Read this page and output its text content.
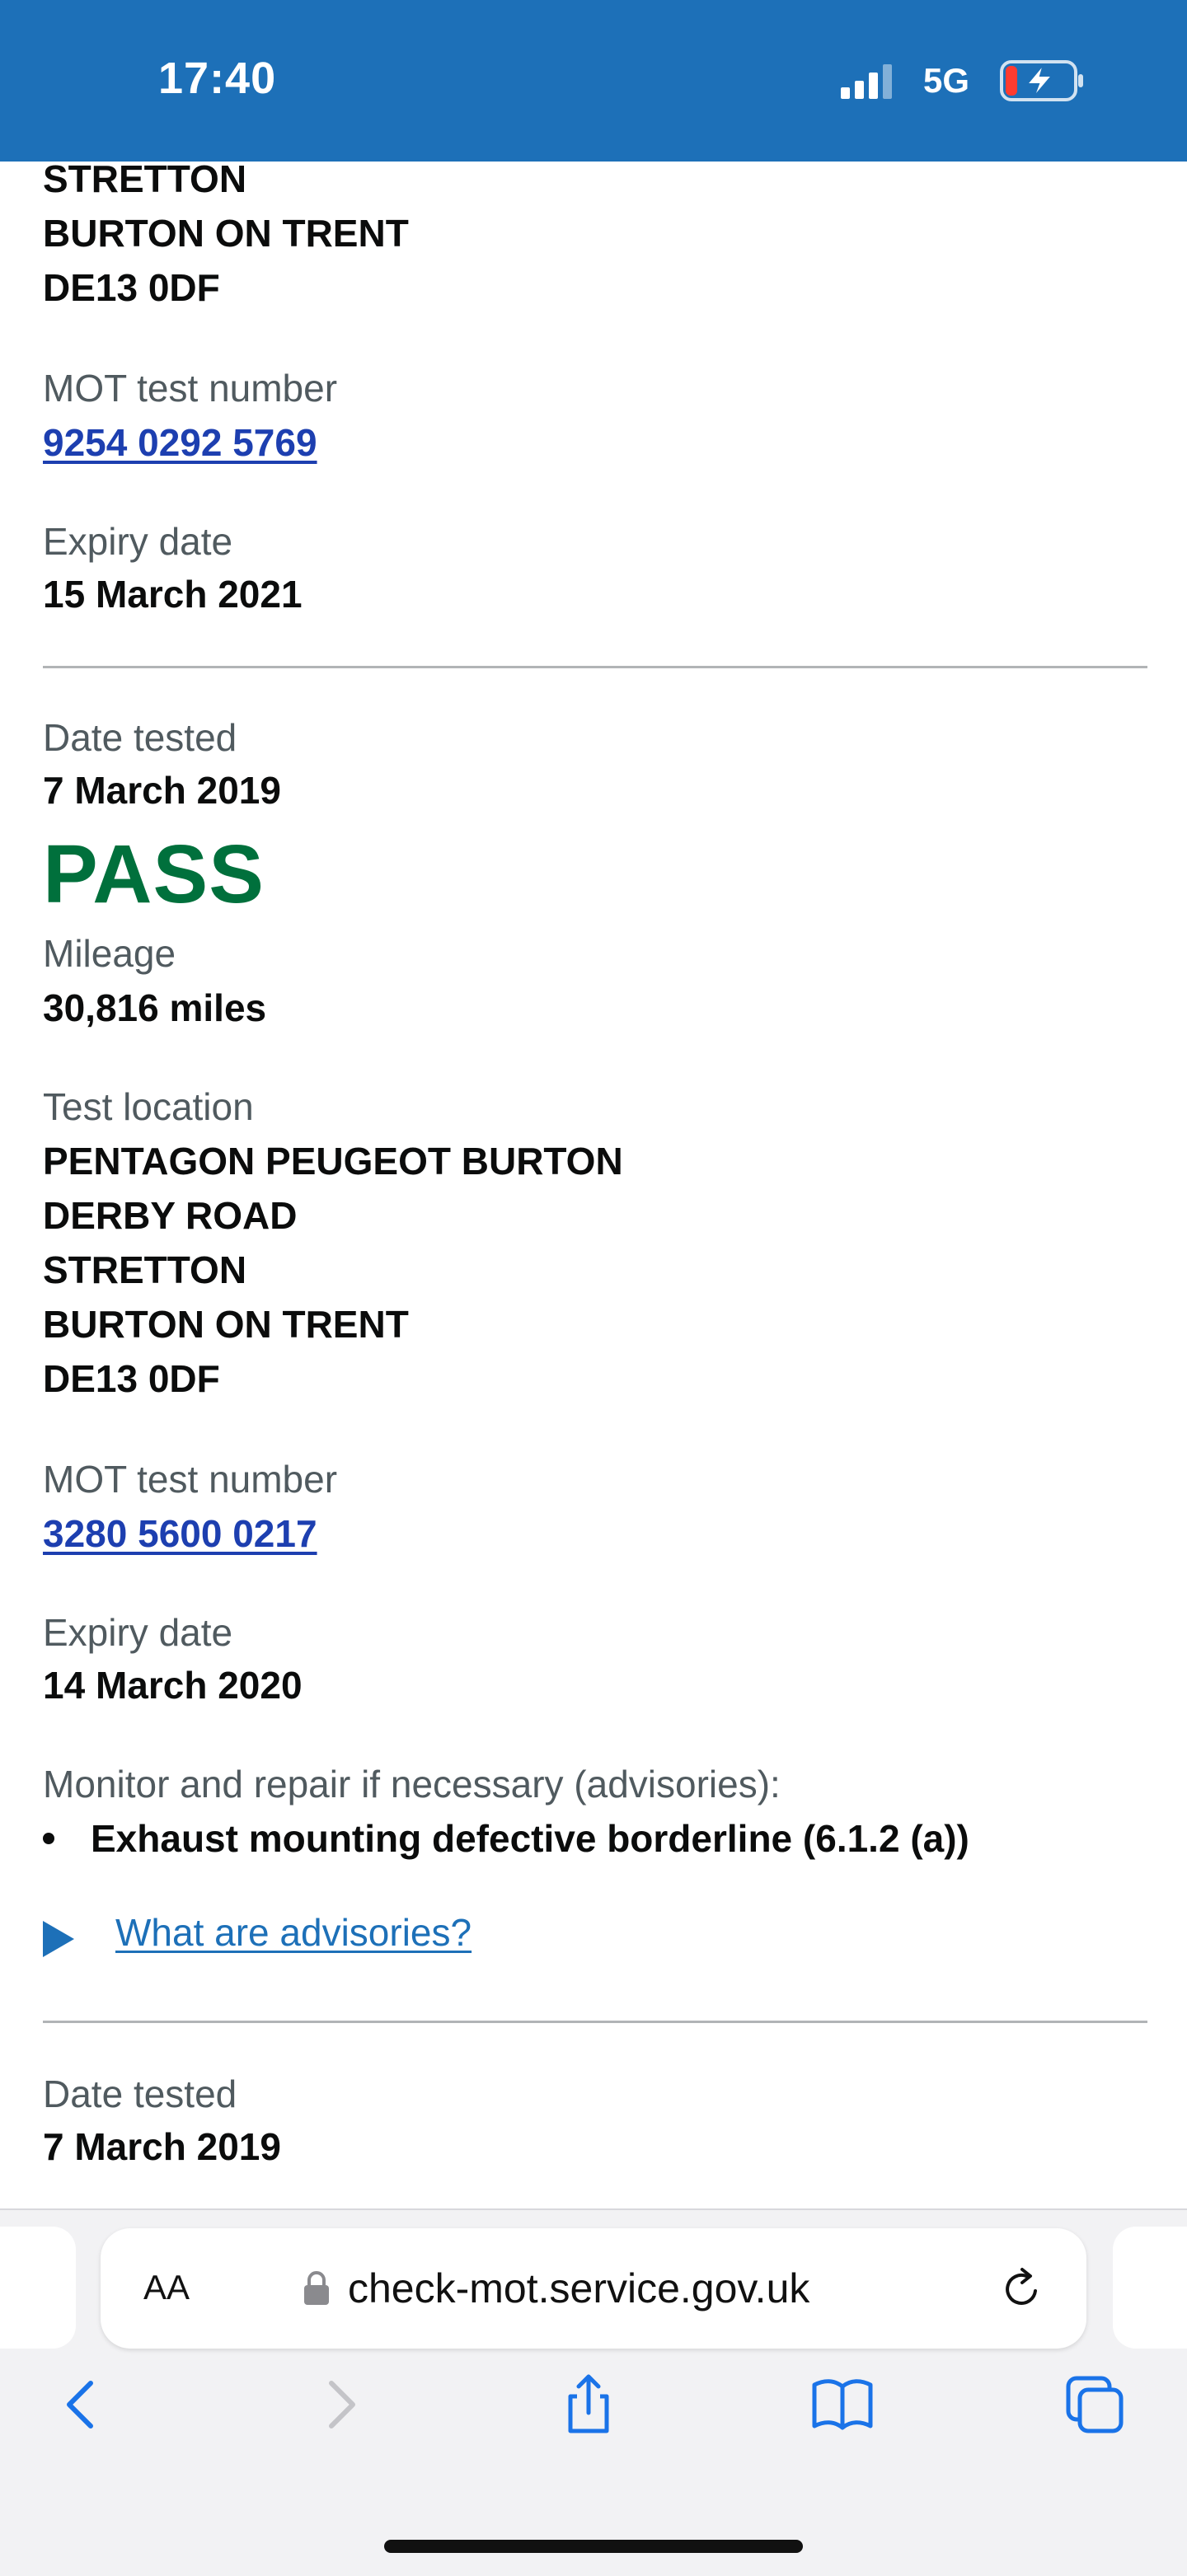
17:40	5G
STRETTON
BURTON ON TRENT
DE13 0DF
MOT test number
9254 0292 5769
Expiry date
15 March 2021
Date tested
7 March 2019
PASS
Mileage
30,816 miles
Test location
PENTAGON PEUGEOT BURTON
DERBY ROAD
STRETTON
BURTON ON TRENT
DE13 0DF
MOT test number
3280 5600 0217
Expiry date
14 March 2020
Monitor and repair if necessary (advisories):
Exhaust mounting defective borderline (6.1.2 (a))
What are advisories?
Date tested
7 March 2019
AA	check-mot.service.gov.uk
